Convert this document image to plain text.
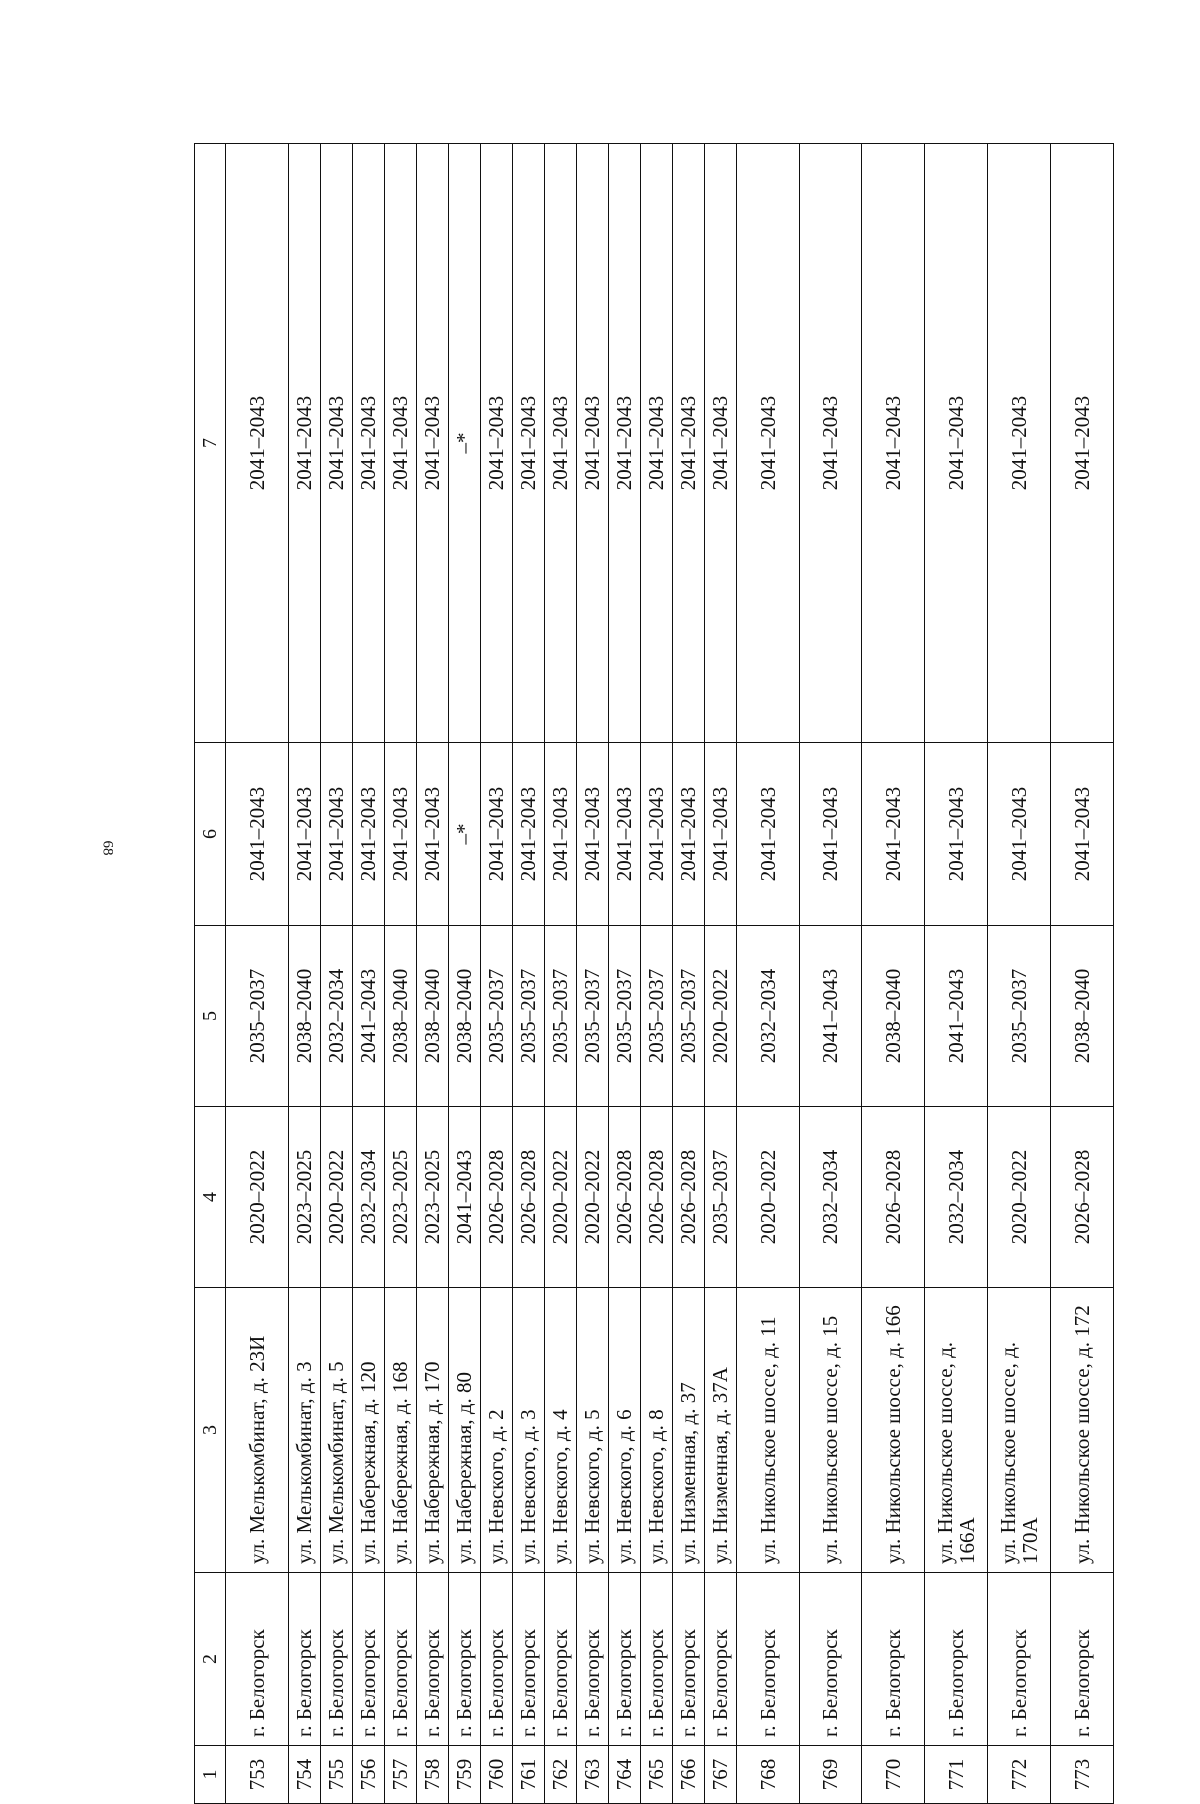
68
1	2	3	4	5	6	7
753	г. Белогорск	ул. Мелькомбинат, д. 23И	2020–2022	2035–2037	2041–2043	2041–2043
754	г. Белогорск	ул. Мелькомбинат, д. 3	2023–2025	2038–2040	2041–2043	2041–2043
755	г. Белогорск	ул. Мелькомбинат, д. 5	2020–2022	2032–2034	2041–2043	2041–2043
756	г. Белогорск	ул. Набережная, д. 120	2032–2034	2041–2043	2041–2043	2041–2043
757	г. Белогорск	ул. Набережная, д. 168	2023–2025	2038–2040	2041–2043	2041–2043
758	г. Белогорск	ул. Набережная, д. 170	2023–2025	2038–2040	2041–2043	2041–2043
759	г. Белогорск	ул. Набережная, д. 80	2041–2043	2038–2040	–*	–*
760	г. Белогорск	ул. Невского, д. 2	2026–2028	2035–2037	2041–2043	2041–2043
761	г. Белогорск	ул. Невского, д. 3	2026–2028	2035–2037	2041–2043	2041–2043
762	г. Белогорск	ул. Невского, д. 4	2020–2022	2035–2037	2041–2043	2041–2043
763	г. Белогорск	ул. Невского, д. 5	2020–2022	2035–2037	2041–2043	2041–2043
764	г. Белогорск	ул. Невского, д. 6	2026–2028	2035–2037	2041–2043	2041–2043
765	г. Белогорск	ул. Невского, д. 8	2026–2028	2035–2037	2041–2043	2041–2043
766	г. Белогорск	ул. Низменная, д. 37	2026–2028	2035–2037	2041–2043	2041–2043
767	г. Белогорск	ул. Низменная, д. 37А	2035–2037	2020–2022	2041–2043	2041–2043
768	г. Белогорск	ул. Никольское шоссе, д. 11	2020–2022	2032–2034	2041–2043	2041–2043
769	г. Белогорск	ул. Никольское шоссе, д. 15	2032–2034	2041–2043	2041–2043	2041–2043
770	г. Белогорск	ул. Никольское шоссе, д. 166	2026–2028	2038–2040	2041–2043	2041–2043
771	г. Белогорск	ул. Никольское шоссе, д. 166А	2032–2034	2041–2043	2041–2043	2041–2043
772	г. Белогорск	ул. Никольское шоссе, д. 170А	2020–2022	2035–2037	2041–2043	2041–2043
773	г. Белогорск	ул. Никольское шоссе, д. 172	2026–2028	2038–2040	2041–2043	2041–2043
